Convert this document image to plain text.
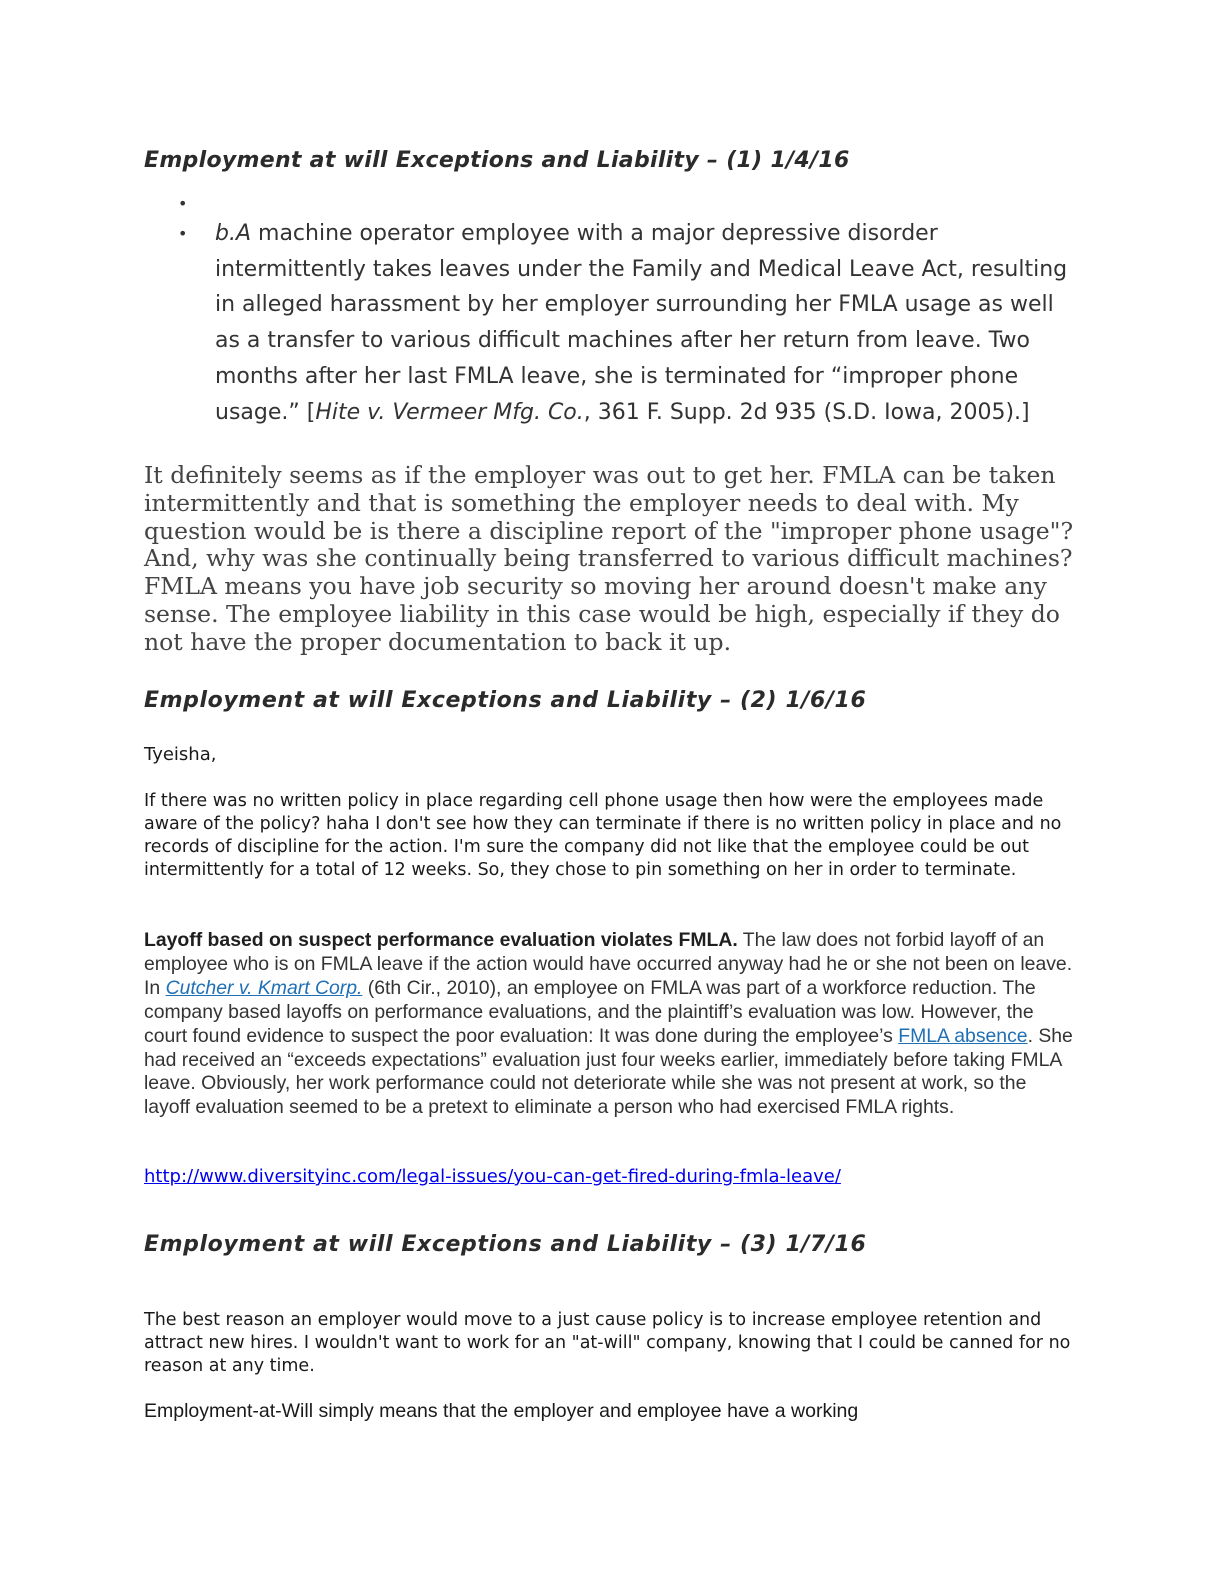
Employment at will Exceptions and Liability – (1) 1/4/16
•
• b.A machine operator employee with a major depressive disorder intermittently takes leaves under the Family and Medical Leave Act, resulting in alleged harassment by her employer surrounding her FMLA usage as well as a transfer to various difficult machines after her return from leave. Two months after her last FMLA leave, she is terminated for “improper phone usage.” [Hite v. Vermeer Mfg. Co., 361 F. Supp. 2d 935 (S.D. Iowa, 2005).]

It definitely seems as if the employer was out to get her. FMLA can be taken intermittently and that is something the employer needs to deal with. My question would be is there a discipline report of the "improper phone usage"? And, why was she continually being transferred to various difficult machines? FMLA means you have job security so moving her around doesn't make any sense. The employee liability in this case would be high, especially if they do not have the proper documentation to back it up.

Employment at will Exceptions and Liability – (2) 1/6/16

Tyeisha,

If there was no written policy in place regarding cell phone usage then how were the employees made aware of the policy? haha I don't see how they can terminate if there is no written policy in place and no records of discipline for the action. I'm sure the company did not like that the employee could be out intermittently for a total of 12 weeks. So, they chose to pin something on her in order to terminate.

Layoff based on suspect performance evaluation violates FMLA. The law does not forbid layoff of an employee who is on FMLA leave if the action would have occurred anyway had he or she not been on leave. In Cutcher v. Kmart Corp. (6th Cir., 2010), an employee on FMLA was part of a workforce reduction. The company based layoffs on performance evaluations, and the plaintiff’s evaluation was low. However, the court found evidence to suspect the poor evaluation: It was done during the employee’s FMLA absence. She had received an “exceeds expectations” evaluation just four weeks earlier, immediately before taking FMLA leave. Obviously, her work performance could not deteriorate while she was not present at work, so the layoff evaluation seemed to be a pretext to eliminate a person who had exercised FMLA rights.

http://www.diversityinc.com/legal-issues/you-can-get-fired-during-fmla-leave/

Employment at will Exceptions and Liability – (3) 1/7/16

The best reason an employer would move to a just cause policy is to increase employee retention and attract new hires. I wouldn't want to work for an "at-will" company, knowing that I could be canned for no reason at any time.

Employment-at-Will simply means that the employer and employee have a working
